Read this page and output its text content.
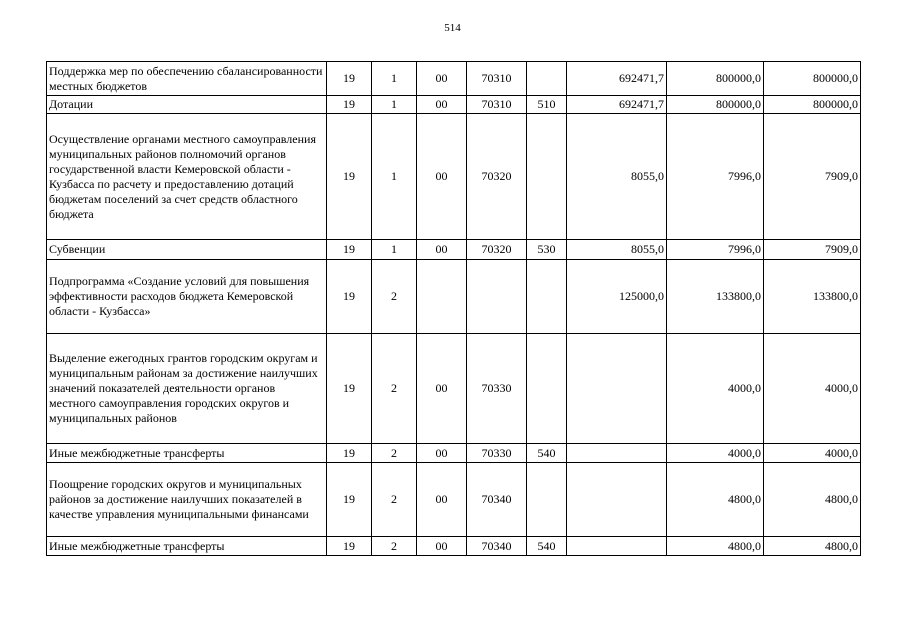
514
Поддержка мер по обеспечению сбалансированности местных бюджетов	19	1	00	70310		692471,7	800000,0	800000,0
Дотации	19	1	00	70310	510	692471,7	800000,0	800000,0
Осуществление органами местного самоуправления муниципальных районов полномочий органов государственной власти Кемеровской области - Кузбасса по расчету и предоставлению дотаций бюджетам поселений за счет средств областного бюджета	19	1	00	70320		8055,0	7996,0	7909,0
Субвенции	19	1	00	70320	530	8055,0	7996,0	7909,0
Подпрограмма «Создание условий для повышения эффективности расходов бюджета Кемеровской области - Кузбасса»	19	2				125000,0	133800,0	133800,0
Выделение ежегодных грантов городским округам и муниципальным районам за достижение наилучших значений показателей деятельности органов местного самоуправления городских округов и муниципальных районов	19	2	00	70330			4000,0	4000,0
Иные межбюджетные трансферты	19	2	00	70330	540		4000,0	4000,0
Поощрение городских округов и муниципальных районов за достижение наилучших показателей в качестве управления муниципальными финансами	19	2	00	70340			4800,0	4800,0
Иные межбюджетные трансферты	19	2	00	70340	540		4800,0	4800,0
